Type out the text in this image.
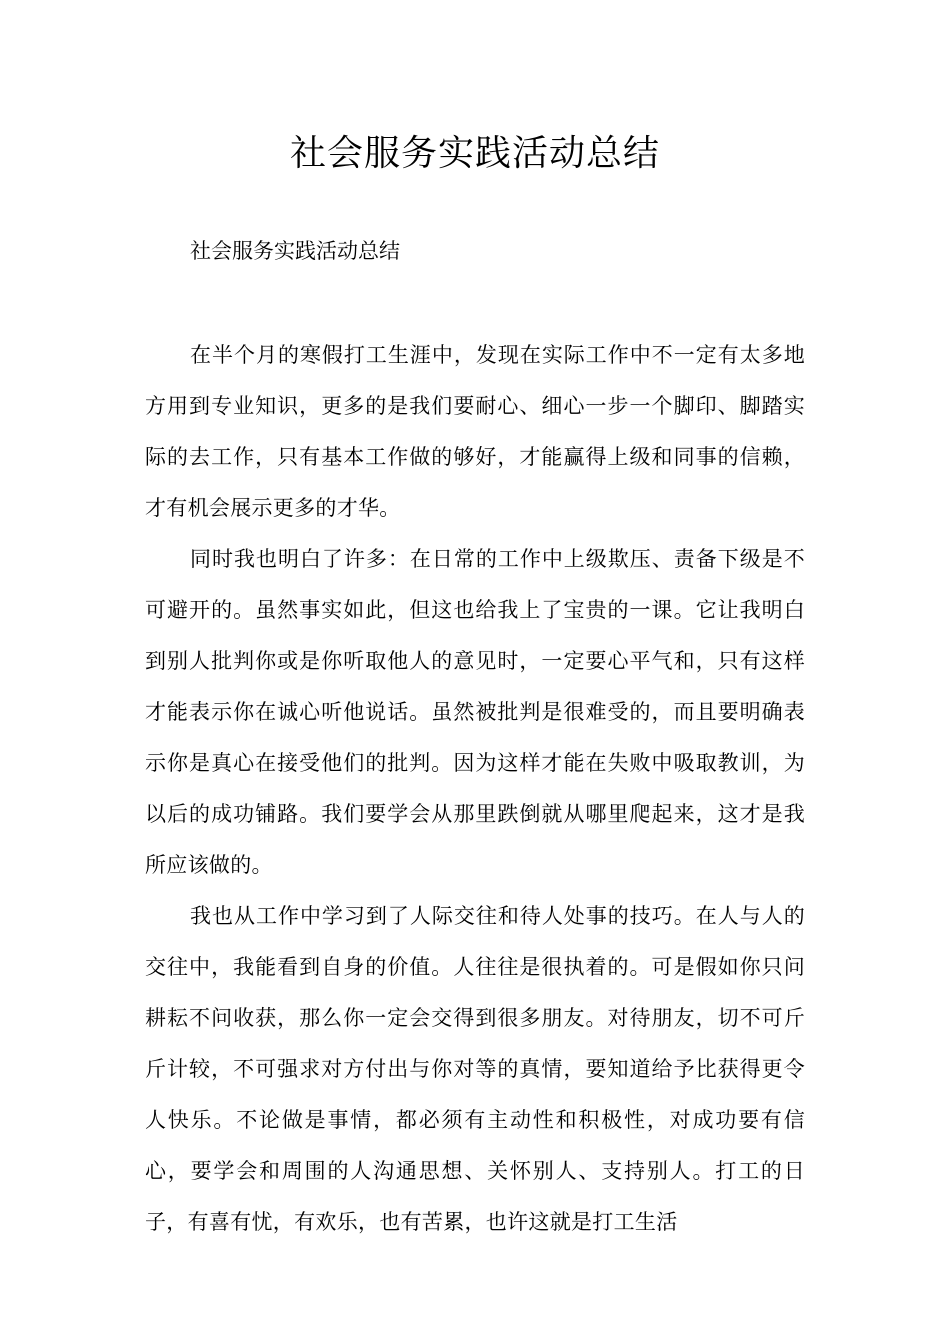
社会服务实践活动总结

社会服务实践活动总结

在半个月的寒假打工生涯中，发现在实际工作中不一定有太多地方用到专业知识，更多的是我们要耐心、细心一步一个脚印、脚踏实际的去工作，只有基本工作做的够好，才能赢得上级和同事的信赖，才有机会展示更多的才华。

同时我也明白了许多：在日常的工作中上级欺压、责备下级是不可避开的。虽然事实如此，但这也给我上了宝贵的一课。它让我明白到别人批判你或是你听取他人的意见时，一定要心平气和，只有这样才能表示你在诚心听他说话。虽然被批判是很难受的，而且要明确表示你是真心在接受他们的批判。因为这样才能在失败中吸取教训，为以后的成功铺路。我们要学会从那里跌倒就从哪里爬起来，这才是我所应该做的。

我也从工作中学习到了人际交往和待人处事的技巧。在人与人的交往中，我能看到自身的价值。人往往是很执着的。可是假如你只问耕耘不问收获，那么你一定会交得到很多朋友。对待朋友，切不可斤斤计较，不可强求对方付出与你对等的真情，要知道给予比获得更令人快乐。不论做是事情，都必须有主动性和积极性，对成功要有信心，要学会和周围的人沟通思想、关怀别人、支持别人。打工的日子，有喜有忧，有欢乐，也有苦累，也许这就是打工生活
